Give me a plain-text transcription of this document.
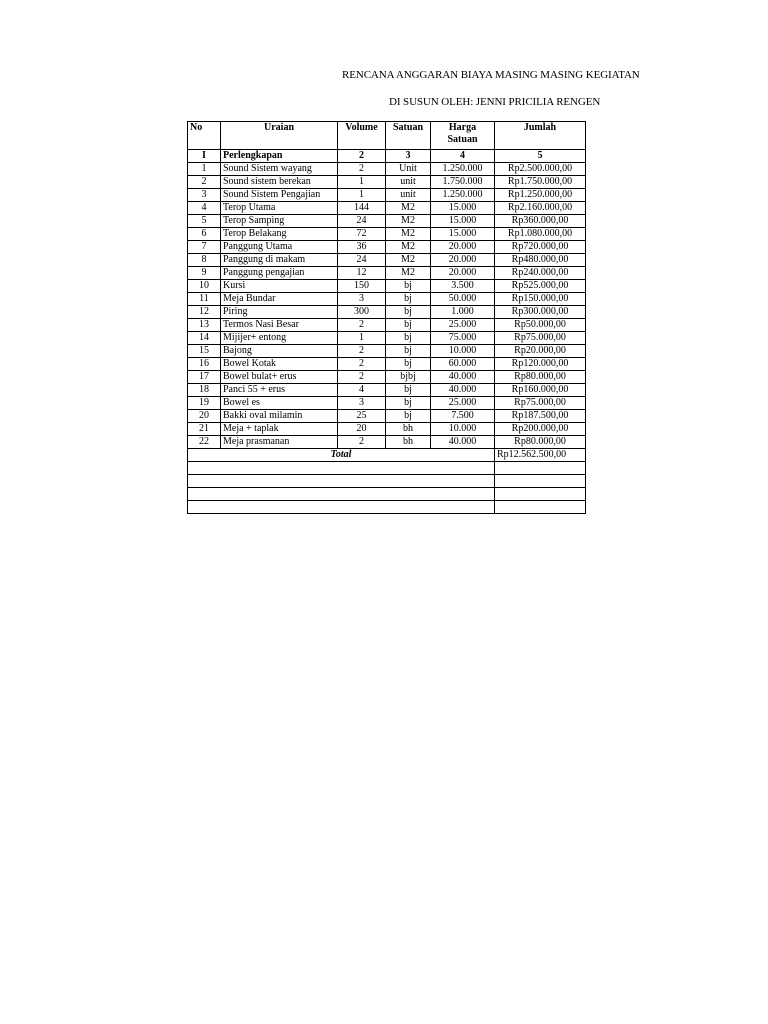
RENCANA ANGGARAN BIAYA MASING MASING KEGIATAN
DI SUSUN OLEH: JENNI PRICILIA RENGEN
No	Uraian	Volume	Satuan	Harga Satuan	Jumlah
I	Perlengkapan	2	3	4	5
1	Sound Sistem wayang	2	Unit	1.250.000	Rp2.500.000,00
2	Sound sistem berekan	1	unit	1.750.000	Rp1.750.000,00
3	Sound Sistem Pengajian	1	unit	1.250.000	Rp1.250.000,00
4	Terop Utama	144	M2	15.000	Rp2.160.000,00
5	Terop Samping	24	M2	15.000	Rp360.000,00
6	Terop Belakang	72	M2	15.000	Rp1.080.000,00
7	Panggung Utama	36	M2	20.000	Rp720.000,00
8	Panggung di makam	24	M2	20.000	Rp480.000,00
9	Panggung pengajian	12	M2	20.000	Rp240.000,00
10	Kursi	150	bj	3.500	Rp525.000,00
11	Meja Bundar	3	bj	50.000	Rp150.000,00
12	Piring	300	bj	1.000	Rp300.000,00
13	Termos Nasi Besar	2	bj	25.000	Rp50.000,00
14	Mijijer+ entong	1	bj	75.000	Rp75.000,00
15	Bajong	2	bj	10.000	Rp20.000,00
16	Bowel Kotak	2	bj	60.000	Rp120.000,00
17	Bowel bulat+ erus	2	bjbj	40.000	Rp80.000,00
18	Panci 55 + erus	4	bj	40.000	Rp160.000,00
19	Bowel es	3	bj	25.000	Rp75.000,00
20	Bakki oval milamin	25	bj	7.500	Rp187.500,00
21	Meja + taplak	20	bh	10.000	Rp200.000,00
22	Meja prasmanan	2	bh	40.000	Rp80.000,00
Total					Rp12.562.500,00
